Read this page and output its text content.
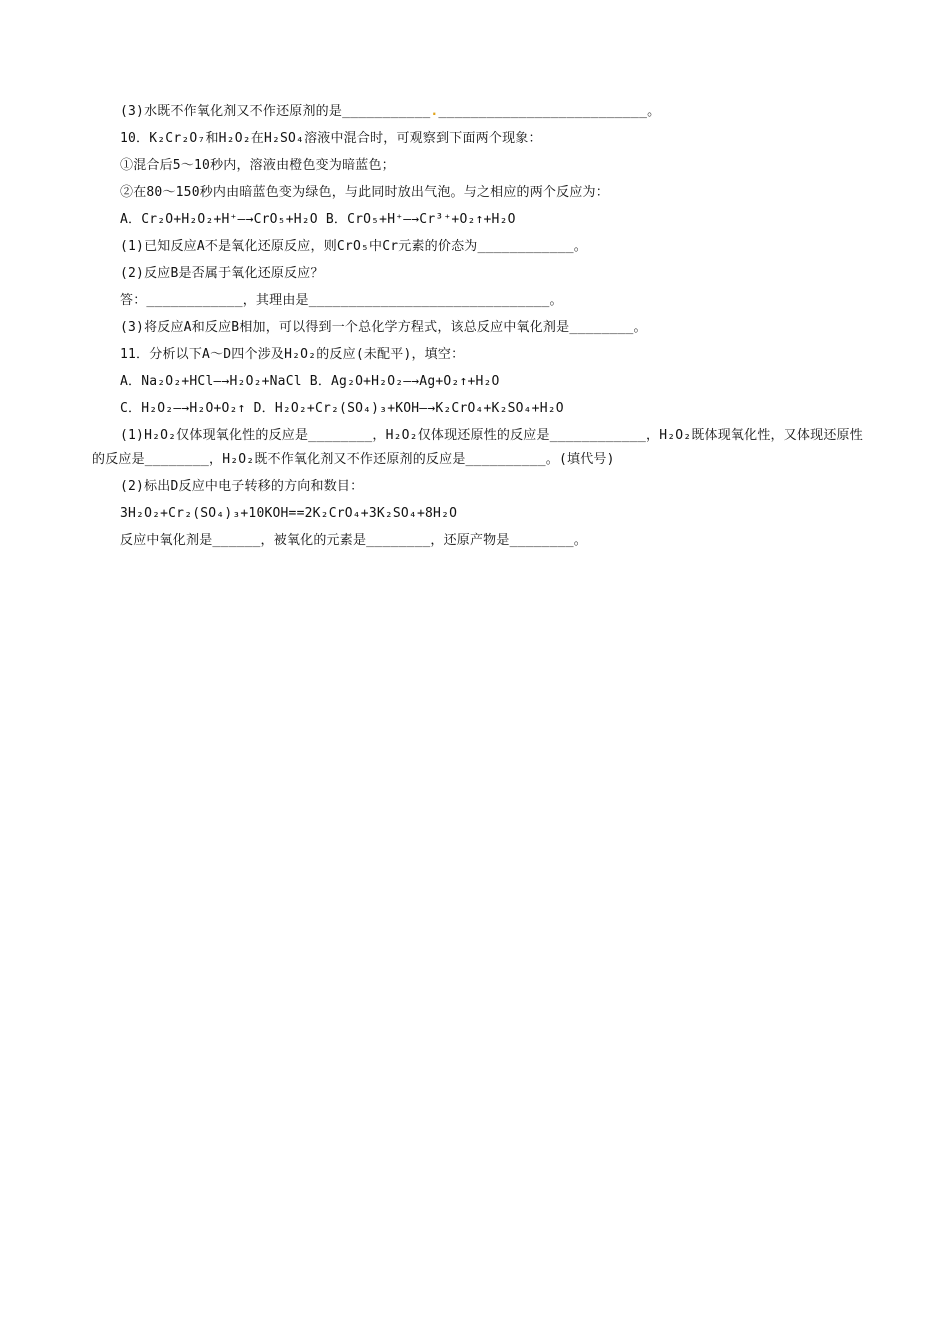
(3)水既不作氧化剂又不作还原剂的是___________.__________________________。
10．K₂Cr₂O₇和H₂O₂在H₂SO₄溶液中混合时，可观察到下面两个现象：
①混合后5～10秒内，溶液由橙色变为暗蓝色；
②在80～150秒内由暗蓝色变为绿色，与此同时放出气泡。与之相应的两个反应为：
A．Cr₂O+H₂O₂+H⁺—→CrO₅+H₂O B．CrO₅+H⁺—→Cr³⁺+O₂↑+H₂O
(1)已知反应A不是氧化还原反应，则CrO₅中Cr元素的价态为____________。
(2)反应B是否属于氧化还原反应？
答：____________，其理由是______________________________。
(3)将反应A和反应B相加，可以得到一个总化学方程式，该总反应中氧化剂是________。
11．分析以下A～D四个涉及H₂O₂的反应(未配平)，填空：
A．Na₂O₂+HCl—→H₂O₂+NaCl B．Ag₂O+H₂O₂—→Ag+O₂↑+H₂O
C．H₂O₂—→H₂O+O₂↑ D．H₂O₂+Cr₂(SO₄)₃+KOH—→K₂CrO₄+K₂SO₄+H₂O
(1)H₂O₂仅体现氧化性的反应是________，H₂O₂仅体现还原性的反应是____________，H₂O₂既体现氧化性，又体现还原性的反应是________，H₂O₂既不作氧化剂又不作还原剂的反应是__________。(填代号)
(2)标出D反应中电子转移的方向和数目：
3H₂O₂+Cr₂(SO₄)₃+10KOH==2K₂CrO₄+3K₂SO₄+8H₂O
反应中氧化剂是______，被氧化的元素是________，还原产物是________。
